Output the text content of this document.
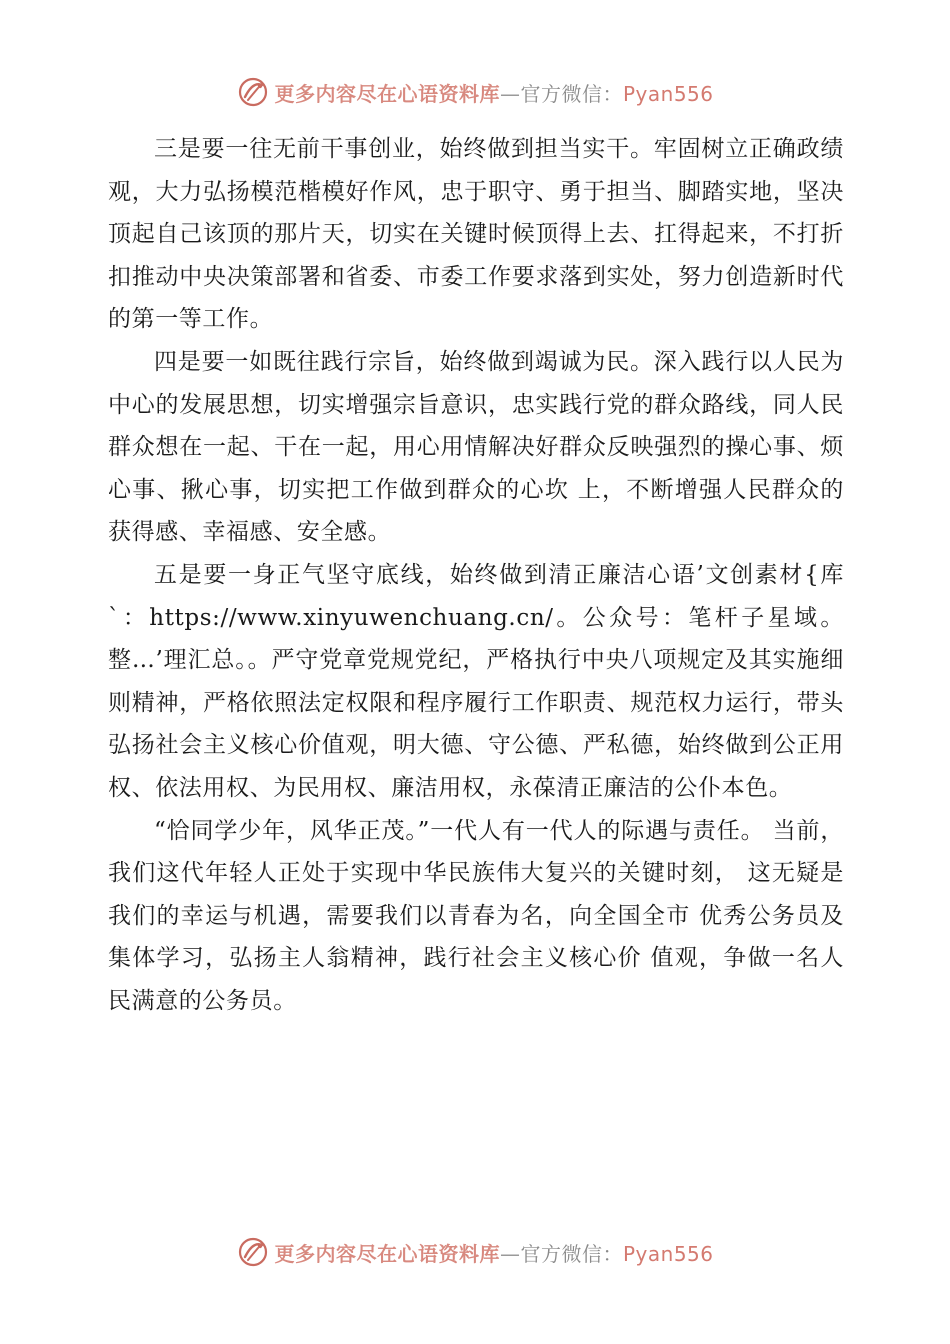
更多内容尽在心语资料库—官方微信：Pyan556

三是要一往无前干事创业，始终做到担当实干。牢固树立正确政绩观，大力弘扬模范楷模好作风，忠于职守、勇于担当、脚踏实地，坚决顶起自己该顶的那片天，切实在关键时候顶得上去、扛得起来，不打折扣推动中央决策部署和省委、市委工作要求落到实处，努力创造新时代的第一等工作。

四是要一如既往践行宗旨，始终做到竭诚为民。深入践行以人民为中心的发展思想，切实增强宗旨意识，忠实践行党的群众路线，同人民群众想在一起、干在一起，用心用情解决好群众反映强烈的操心事、烦心事、揪心事，切实把工作做到群众的心坎 上，不断增强人民群众的获得感、幸福感、安全感。

五是要一身正气坚守底线，始终做到清正廉洁心语’文创素材{库`：https://www.xinyuwenchuang.cn/。公众号：笔杆子星域。整…’理汇总。。严守党章党规党纪，严格执行中央八项规定及其实施细则精神，严格依照法定权限和程序履行工作职责、规范权力运行，带头弘扬社会主义核心价值观，明大德、守公德、严私德，始终做到公正用权、依法用权、为民用权、廉洁用权，永葆清正廉洁的公仆本色。

“恰同学少年，风华正茂。”一代人有一代人的际遇与责任。 当前，我们这代年轻人正处于实现中华民族伟大复兴的关键时刻， 这无疑是我们的幸运与机遇，需要我们以青春为名，向全国全市 优秀公务员及集体学习，弘扬主人翁精神，践行社会主义核心价 值观，争做一名人民满意的公务员。

更多内容尽在心语资料库—官方微信：Pyan556
